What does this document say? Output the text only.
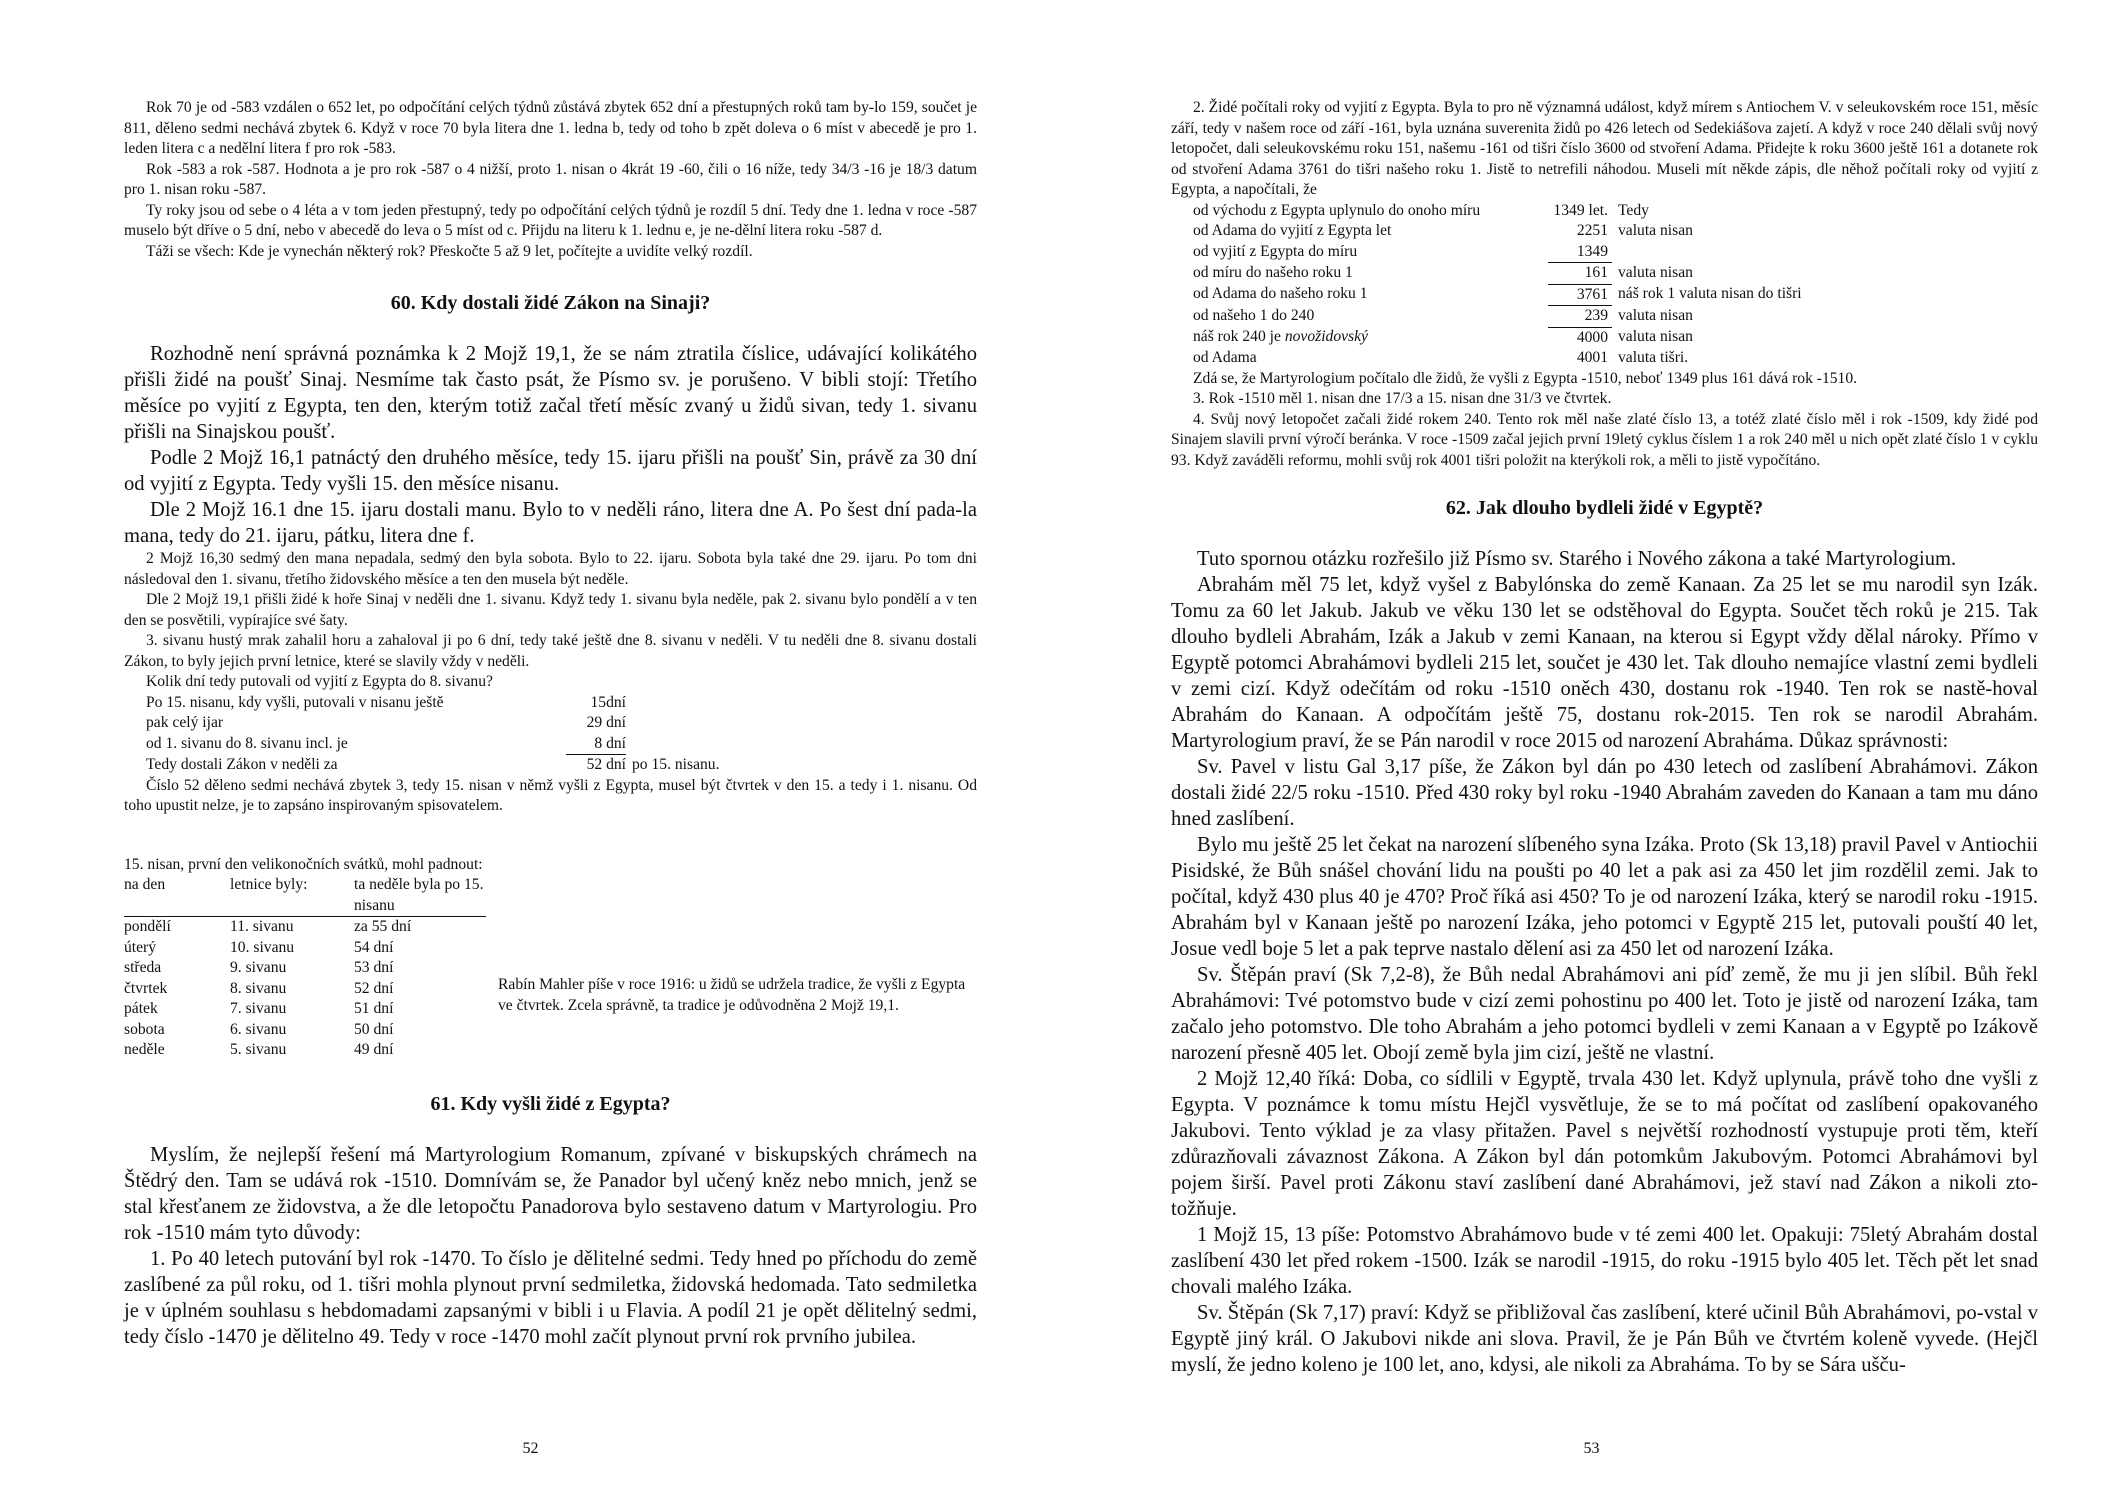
Rok 70 je od -583 vzdálen o 652 let, po odpočítání celých týdnů zůstává zbytek 652 dní a přestupných roků tam by-lo 159, součet je 811, děleno sedmi nechává zbytek 6. Když v roce 70 byla litera dne 1. ledna b, tedy od toho b zpět doleva o 6 míst v abecedě je pro 1. leden litera c a nedělní litera f pro rok -583.

Rok -583 a rok -587. Hodnota a je pro rok -587 o 4 nižší, proto 1. nisan o 4krát 19 -60, čili o 16 níže, tedy 34/3 -16 je 18/3 datum pro 1. nisan roku -587.

Ty roky jsou od sebe o 4 léta a v tom jeden přestupný, tedy po odpočítání celých týdnů je rozdíl 5 dní. Tedy dne 1. ledna v roce -587 muselo být dříve o 5 dní, nebo v abecedě do leva o 5 míst od c. Přijdu na literu k 1. lednu e, je ne-dělní litera roku -587 d.

Táži se všech: Kde je vynechán některý rok? Přeskočte 5 až 9 let, počítejte a uvidíte velký rozdíl.

60. Kdy dostali židé Zákon na Sinaji?

Rozhodně není správná poznámka k 2 Mojž 19,1, že se nám ztratila číslice, udávající kolikátého přišli židé na poušť Sinaj. Nesmíme tak často psát, že Písmo sv. je porušeno. V bibli stojí: Třetího měsíce po vyjití z Egypta, ten den, kterým totiž začal třetí měsíc zvaný u židů sivan, tedy 1. sivanu přišli na Sinajskou poušť.

Podle 2 Mojž 16,1 patnáctý den druhého měsíce, tedy 15. ijaru přišli na poušť Sin, právě za 30 dní od vyjití z Egypta. Tedy vyšli 15. den měsíce nisanu.

Dle 2 Mojž 16.1 dne 15. ijaru dostali manu. Bylo to v neděli ráno, litera dne A. Po šest dní pada-la mana, tedy do 21. ijaru, pátku, litera dne f.

2 Mojž 16,30 sedmý den mana nepadala, sedmý den byla sobota. Bylo to 22. ijaru. Sobota byla také dne 29. ijaru. Po tom dni následoval den 1. sivanu, třetího židovského měsíce a ten den musela být neděle.

Dle 2 Mojž 19,1 přišli židé k hoře Sinaj v neděli dne 1. sivanu. Když tedy 1. sivanu byla neděle, pak 2. sivanu bylo pondělí a v ten den se posvětili, vypírajíce své šaty.

3. sivanu hustý mrak zahalil horu a zahaloval ji po 6 dní, tedy také ještě dne 8. sivanu v neděli. V tu neděli dne 8. sivanu dostali Zákon, to byly jejich první letnice, které se slavily vždy v neděli.

Kolik dní tedy putovali od vyjití z Egypta do 8. sivanu?

Po 15. nisanu, kdy vyšli, putovali v nisanu ještě	15dní	
pak celý ijar	29 dní	
od 1. sivanu do 8. sivanu incl. je	8 dní	
Tedy dostali Zákon v neděli za	52 dní	po 15. nisanu.

Číslo 52 děleno sedmi nechává zbytek 3, tedy 15. nisan v němž vyšli z Egypta, musel být čtvrtek v den 15. a tedy i 1. nisanu. Od toho upustit nelze, je to zapsáno inspirovaným spisovatelem.

15. nisan, první den velikonočních svátků, mohl padnout:

na den	letnice byly:	ta neděle byla po 15. nisanu
pondělí	11. sivanu	za 55 dní
úterý	10. sivanu	54 dní
středa	9. sivanu	53 dní
čtvrtek	8. sivanu	52 dní
pátek	7. sivanu	51 dní
sobota	6. sivanu	50 dní
neděle	5. sivanu	49 dní
Rabín Mahler píše v roce 1916: u židů se udržela tradice, že vyšli z Egypta ve čtvrtek. Zcela správně, ta tradice je odůvodněna 2 Mojž 19,1.
61. Kdy vyšli židé z Egypta?

Myslím, že nejlepší řešení má Martyrologium Romanum, zpívané v biskupských chrámech na Štědrý den. Tam se udává rok -1510. Domnívám se, že Panador byl učený kněz nebo mnich, jenž se stal křesťanem ze židovstva, a že dle letopočtu Panadorova bylo sestaveno datum v Martyrologiu. Pro rok -1510 mám tyto důvody:

1. Po 40 letech putování byl rok -1470. To číslo je dělitelné sedmi. Tedy hned po příchodu do země zaslíbené za půl roku, od 1. tišri mohla plynout první sedmiletka, židovská hedomada. Tato sedmiletka je v úplném souhlasu s hebdomadami zapsanými v bibli i u Flavia. A podíl 21 je opět dělitelný sedmi, tedy číslo -1470 je dělitelno 49. Tedy v roce -1470 mohl začít plynout první rok prvního jubilea.

52

2. Židé počítali roky od vyjití z Egypta. Byla to pro ně významná událost, když mírem s Antiochem V. v seleukovském roce 151, měsíc září, tedy v našem roce od září -161, byla uznána suverenita židů po 426 letech od Sedekiášova zajetí. A když v roce 240 dělali svůj nový letopočet, dali seleukovskému roku 151, našemu -161 od tišri číslo 3600 od stvoření Adama. Přidejte k roku 3600 ještě 161 a dotanete rok od stvoření Adama 3761 do tišri našeho roku 1. Jistě to netrefili náhodou. Museli mít někde zápis, dle něhož počítali roky od vyjití z Egypta, a napočítali, že

od východu z Egypta uplynulo do onoho míru	1349 let.	Tedy
od Adama do vyjití z Egypta let	2251	valuta nisan
od vyjití z Egypta do míru	1349	
od míru do našeho roku 1	161	valuta nisan
od Adama do našeho roku 1	3761	náš rok 1 valuta nisan do tišri
od našeho 1 do 240	239	valuta nisan
náš rok 240 je novožidovský	4000	valuta nisan
od Adama	4001	valuta tišri.

Zdá se, že Martyrologium počítalo dle židů, že vyšli z Egypta -1510, neboť 1349 plus 161 dává rok -1510.

3. Rok -1510 měl 1. nisan dne 17/3 a 15. nisan dne 31/3 ve čtvrtek.

4. Svůj nový letopočet začali židé rokem 240. Tento rok měl naše zlaté číslo 13, a totéž zlaté číslo měl i rok -1509, kdy židé pod Sinajem slavili první výročí beránka. V roce -1509 začal jejich první 19letý cyklus číslem 1 a rok 240 měl u nich opět zlaté číslo 1 v cyklu 93. Když zaváděli reformu, mohli svůj rok 4001 tišri položit na kterýkoli rok, a měli to jistě vypočítáno.

62. Jak dlouho bydleli židé v Egyptě?

Tuto spornou otázku rozřešilo již Písmo sv. Starého i Nového zákona a také Martyrologium.

Abrahám měl 75 let, když vyšel z Babylónska do země Kanaan. Za 25 let se mu narodil syn Izák. Tomu za 60 let Jakub. Jakub ve věku 130 let se odstěhoval do Egypta. Součet těch roků je 215. Tak dlouho bydleli Abrahám, Izák a Jakub v zemi Kanaan, na kterou si Egypt vždy dělal nároky. Přímo v Egyptě potomci Abrahámovi bydleli 215 let, součet je 430 let. Tak dlouho nemajíce vlastní zemi bydleli v zemi cizí. Když odečítám od roku -1510 oněch 430, dostanu rok -1940. Ten rok se nastě-hoval Abrahám do Kanaan. A odpočítám ještě 75, dostanu rok-2015. Ten rok se narodil Abrahám. Martyrologium praví, že se Pán narodil v roce 2015 od narození Abraháma. Důkaz správnosti:

Sv. Pavel v listu Gal 3,17 píše, že Zákon byl dán po 430 letech od zaslíbení Abrahámovi. Zákon dostali židé 22/5 roku -1510. Před 430 roky byl roku -1940 Abrahám zaveden do Kanaan a tam mu dáno hned zaslíbení.

Bylo mu ještě 25 let čekat na narození slíbeného syna Izáka. Proto (Sk 13,18) pravil Pavel v Antiochii Pisidské, že Bůh snášel chování lidu na poušti po 40 let a pak asi za 450 let jim rozdělil zemi. Jak to počítal, když 430 plus 40 je 470? Proč říká asi 450? To je od narození Izáka, který se narodil roku -1915. Abrahám byl v Kanaan ještě po narození Izáka, jeho potomci v Egyptě 215 let, putovali pouští 40 let, Josue vedl boje 5 let a pak teprve nastalo dělení asi za 450 let od narození Izáka.

Sv. Štěpán praví (Sk 7,2-8), že Bůh nedal Abrahámovi ani píď země, že mu ji jen slíbil. Bůh řekl Abrahámovi: Tvé potomstvo bude v cizí zemi pohostinu po 400 let. Toto je jistě od narození Izáka, tam začalo jeho potomstvo. Dle toho Abrahám a jeho potomci bydleli v zemi Kanaan a v Egyptě po Izákově narození přesně 405 let. Obojí země byla jim cizí, ještě ne vlastní.

2 Mojž 12,40 říká: Doba, co sídlili v Egyptě, trvala 430 let. Když uplynula, právě toho dne vyšli z Egypta. V poznámce k tomu místu Hejčl vysvětluje, že se to má počítat od zaslíbení opakovaného Jakubovi. Tento výklad je za vlasy přitažen. Pavel s největší rozhodností vystupuje proti těm, kteří zdůrazňovali závaznost Zákona. A Zákon byl dán potomkům Jakubovým. Potomci Abrahámovi byl pojem širší. Pavel proti Zákonu staví zaslíbení dané Abrahámovi, jež staví nad Zákon a nikoli zto-tožňuje.

1 Mojž 15, 13 píše: Potomstvo Abrahámovo bude v té zemi 400 let. Opakuji: 75letý Abrahám dostal zaslíbení 430 let před rokem -1500. Izák se narodil -1915, do roku -1915 bylo 405 let. Těch pět let snad chovali malého Izáka.

Sv. Štěpán (Sk 7,17) praví: Když se přibližoval čas zaslíbení, které učinil Bůh Abrahámovi, po-vstal v Egyptě jiný král. O Jakubovi nikde ani slova. Pravil, že je Pán Bůh ve čtvrtém koleně vyvede. (Hejčl myslí, že jedno koleno je 100 let, ano, kdysi, ale nikoli za Abraháma. To by se Sára ušču-

53
